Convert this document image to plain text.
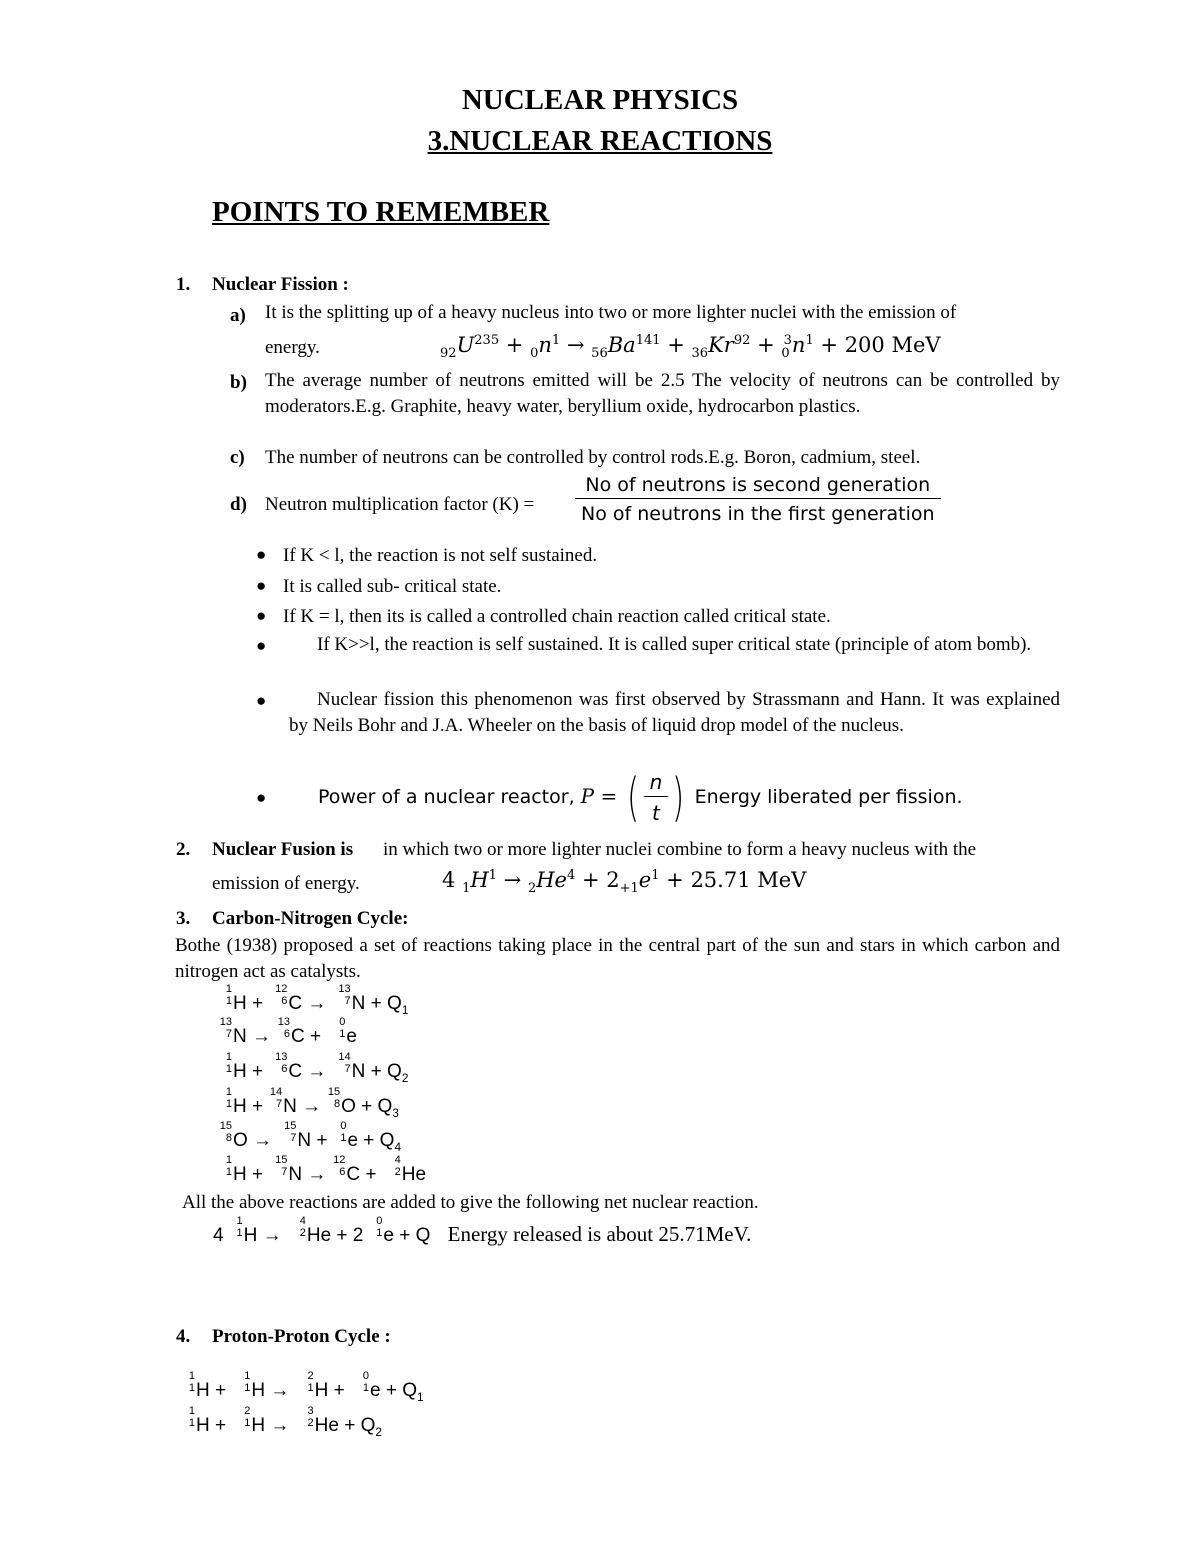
NUCLEAR PHYSICS
3.NUCLEAR REACTIONS
POINTS TO REMEMBER
1. Nuclear Fission :
a) It is the splitting up of a heavy nucleus into two or more lighter nuclei with the emission of
energy.	$_{92}U^{235} + _0n^1 \to _{56}Ba^{141} + _{36}Kr^{92} + _0^3n^1 + 200$ MeV
b) The average number of neutrons emitted will be 2.5 The velocity of neutrons can be controlled by moderators.E.g. Graphite, heavy water, beryllium oxide, hydrocarbon plastics.
c) The number of neutrons can be controlled by control rods.E.g. Boron, cadmium, steel.
d) Neutron multiplication factor $(K) = \frac{\text{No of neutrons is second generation}}{\text{No of neutrons in the first generation}}$
● If K < l, the reaction is not self sustained.
● It is called sub- critical state.
● If K = l, then its is called a controlled chain reaction called critical state.
●	If K>>l, the reaction is self sustained. It is called super critical state (principle of atom bomb).
●	Nuclear fission this phenomenon was first observed by Strassmann and Hann. It was explained by Neils Bohr and J.A. Wheeler on the basis of liquid drop model of the nucleus.
●	Power of a nuclear reactor, P = ( $\frac{n}{t}$ ) Energy liberated per fission.
2. Nuclear Fusion is in which two or more lighter nuclei combine to form a heavy nucleus with the
emission of energy.	4 $_1H^1 \to _2He^4 + 2_{+1}e^1 + 25.71$ MeV
3. Carbon-Nitrogen Cycle:
Bothe (1938) proposed a set of reactions taking place in the central part of the sun and stars in which carbon and nitrogen act as catalysts.
1
1 H +
12
6 C →
13
7 $N + Q_1$
13
7 N →
13
6 C +
0
1 e
1
1 H +
13
6 C →
14
7 $N + Q_2$
1
1 H +
14
7 N →
15
8 $O + Q_3$
15
8 O →
15
7 N +
0
1 $e + Q_4$
1
1 H +
15
7 N →
12
6 C +
4
2 He
All the above reactions are added to give the following net nuclear reaction.
4
1
1 H →
4
2 He + 2
0
1 e + Q Energy released is about 25.71MeV.
4. Proton-Proton Cycle :
1
1 H +
1
1 H →
2
1 H +
0
1 $e + Q_1$
1
1 H +
2
1 H →
3
2 $He + Q_2$
